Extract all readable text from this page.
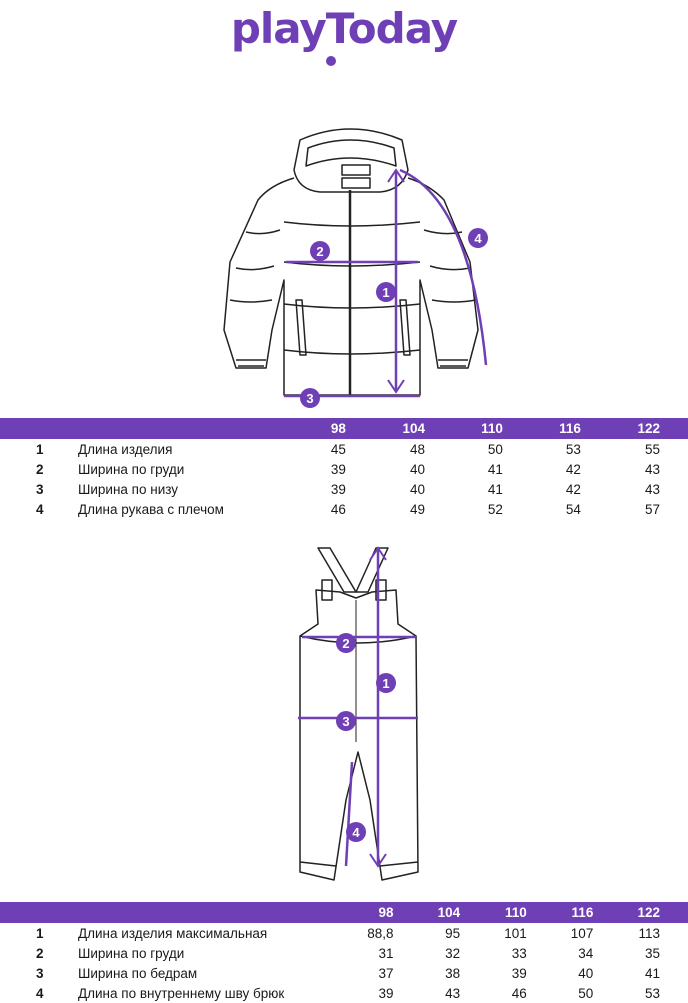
playToday
2
1
3
4
		98	104	110	116	122
1	Длина изделия	45	48	50	53	55
2	Ширина по груди	39	40	41	42	43
3	Ширина по низу	39	40	41	42	43
4	Длина рукава с плечом	46	49	52	54	57
2
1
3
4
		98	104	110	116	122
1	Длина изделия максимальная	88,8	95	101	107	113
2	Ширина по груди	31	32	33	34	35
3	Ширина по бедрам	37	38	39	40	41
4	Длина по внутреннему шву брюк	39	43	46	50	53
